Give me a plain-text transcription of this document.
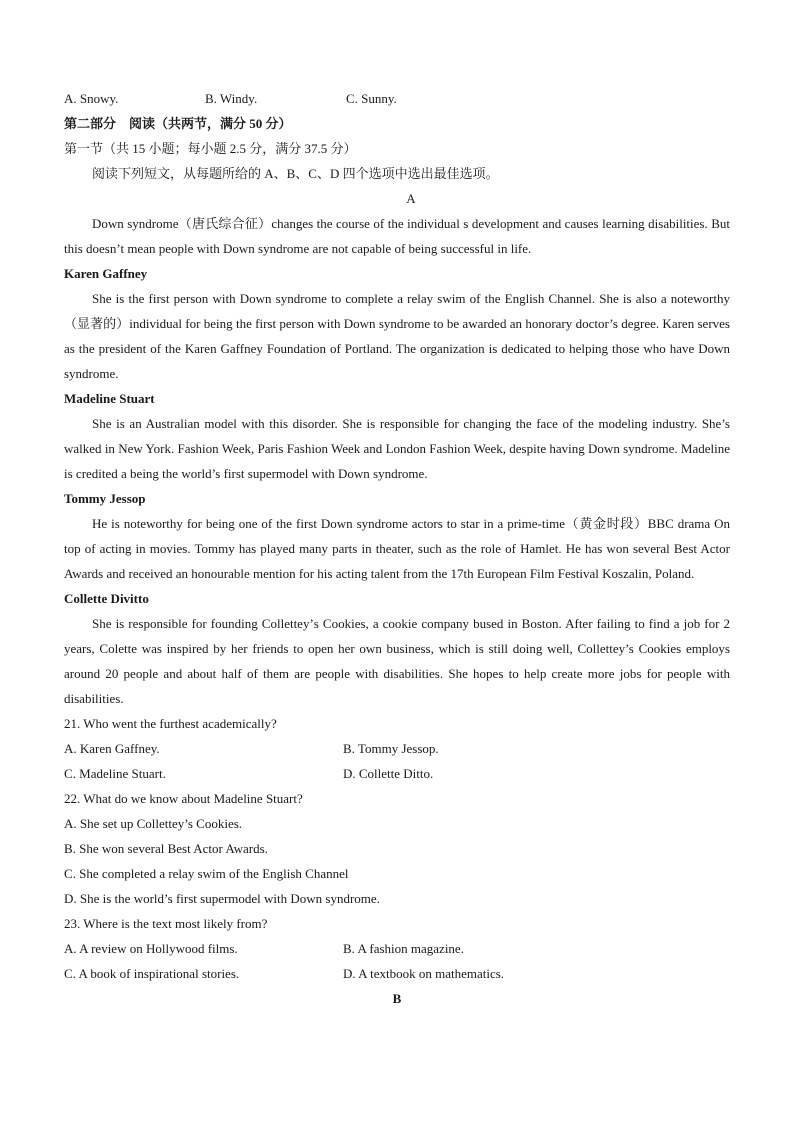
A. Snowy.	B. Windy.	C. Sunny.

第二部分　阅读（共两节，满分 50 分）

第一节（共 15 小题；每小题 2.5 分，满分 37.5 分）

阅读下列短文，从每题所给的 A、B、C、D 四个选项中选出最佳选项。

A

Down syndrome（唐氏综合征）changes the course of the individual s development and causes learning disabilities. But this doesn’t mean people with Down syndrome are not capable of being successful in life.

Karen Gaffney

She is the first person with Down syndrome to complete a relay swim of the English Channel. She is also a noteworthy（显著的）individual for being the first person with Down syndrome to be awarded an honorary doctor’s degree. Karen serves as the president of the Karen Gaffney Foundation of Portland. The organization is dedicated to helping those who have Down syndrome.

Madeline Stuart

She is an Australian model with this disorder. She is responsible for changing the face of the modeling industry. She’s walked in New York. Fashion Week, Paris Fashion Week and London Fashion Week, despite having Down syndrome. Madeline is credited a being the world’s first supermodel with Down syndrome.

Tommy Jessop

He is noteworthy for being one of the first Down syndrome actors to star in a prime-time（黄金时段）BBC drama On top of acting in movies. Tommy has played many parts in theater, such as the role of Hamlet. He has won several Best Actor Awards and received an honourable mention for his acting talent from the 17th European Film Festival Koszalin, Poland.

Collette Divitto

She is responsible for founding Colletteyʼs Cookies, a cookie company bused in Boston. After failing to find a job for 2 years, Colette was inspired by her friends to open her own business, which is still doing well, Collettey’s Cookies employs around 20 people and about half of them are people with disabilities. She hopes to help create more jobs for people with disabilities.

21. Who went the furthest academically?

A. Karen Gaffney.	B. Tommy Jessop.
C. Madeline Stuart.	D. Collette Ditto.

22. What do we know about Madeline Stuart?

A. She set up Collettey’s Cookies.

B. She won several Best Actor Awards.

C. She completed a relay swim of the English Channel

D. She is the world’s first supermodel with Down syndrome.

23. Where is the text most likely from?

A. A review on Hollywood films.	B. A fashion magazine.
C. A book of inspirational stories.	D. A textbook on mathematics.

B
